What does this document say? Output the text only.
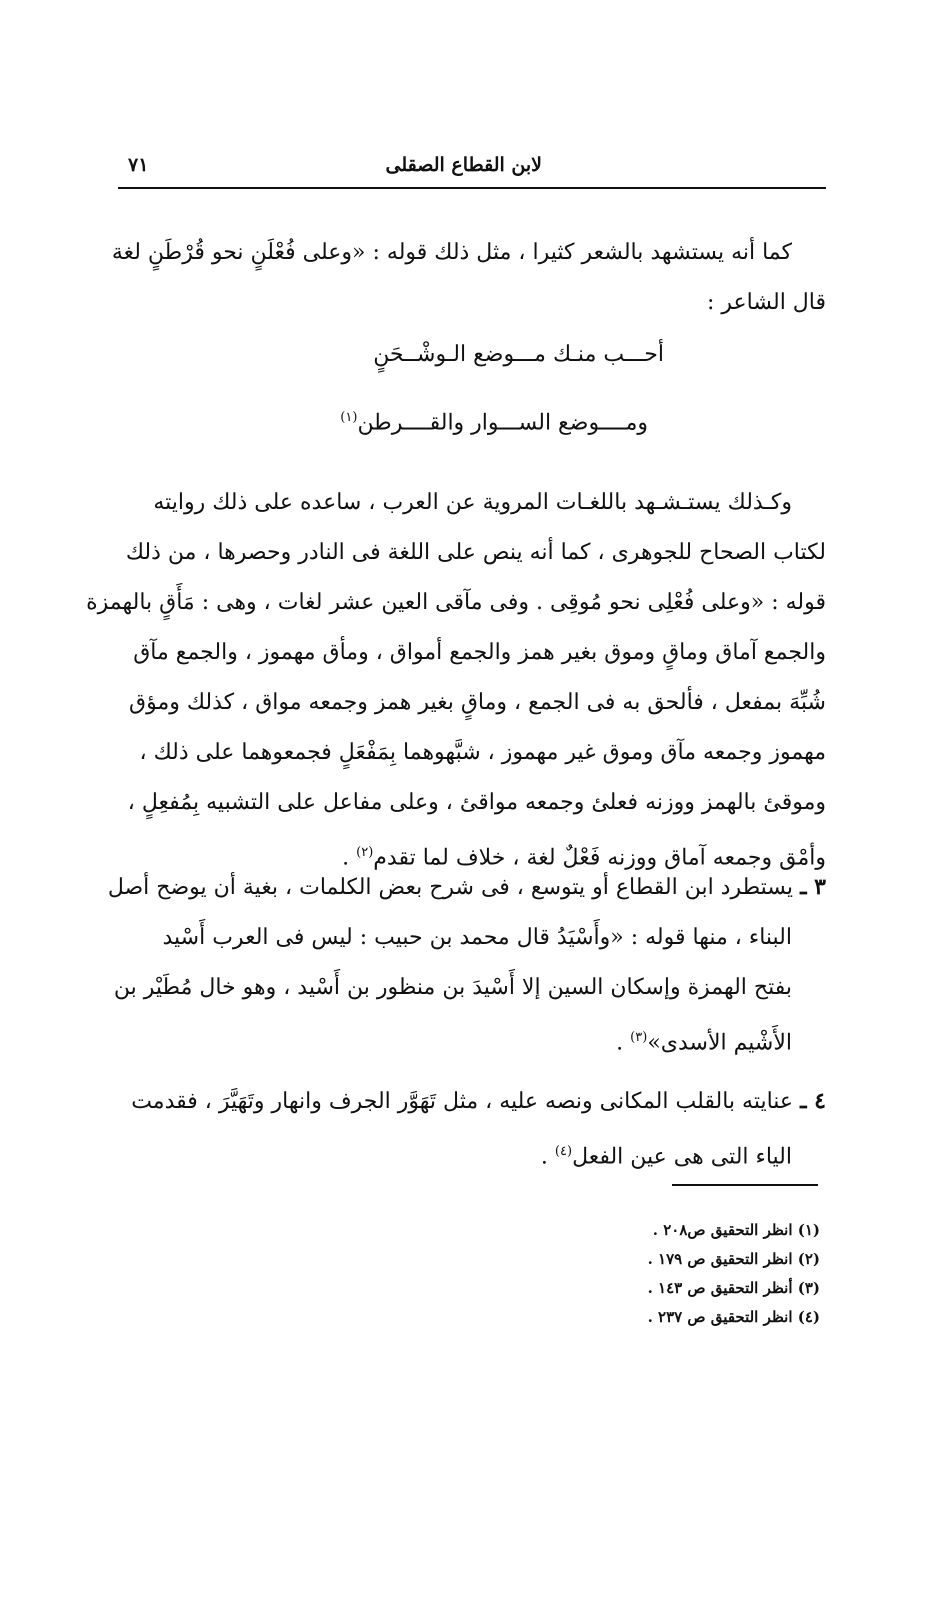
لابن القطاع الصقلى
٧١

كما أنه يستشهد بالشعر كثيرا ، مثل ذلك قوله : «وعلى فُعْلَنٍ نحو قُرْطَنٍ لغة
قال الشاعر :

أحـــب منـك مـــوضع الـوشْــحَنٍ
ومــــوضع الســـوار والقــــرطن$^{(١)}$

وكـذلك يستـشـهد باللغـات المروية عن العرب ، ساعده على ذلك روايته
لكتاب الصحاح للجوهرى ، كما أنه ينص على اللغة فى النادر وحصرها ، من ذلك
قوله : «وعلى فُعْلِى نحو مُوقِى . وفى مآقى العين عشر لغات ، وهى : مَأَقٍ بالهمزة
والجمع آماق وماقٍ وموق بغير همز والجمع أمواق ، ومأق مهموز ، والجمع مآق
شُبِّهَ بمفعل ، فألحق به فى الجمع ، وماقٍ بغير همز وجمعه مواق ، كذلك ومؤق
مهموز وجمعه مآق وموق غير مهموز ، شبَّهوهما بِمَفْعَلٍ فجمعوهما على ذلك ،
وموقئ بالهمز ووزنه فعلئ وجمعه مواقئ ، وعلى مفاعل على التشبيه بِمُفعِلٍ ،
وأمْق وجمعه آماق ووزنه فَعْلٌ لغة ، خلاف لما تقدم$^{(٢)}$ .

٣ ـ يستطرد ابن القطاع أو يتوسع ، فى شرح بعض الكلمات ، بغية أن يوضح أصل
البناء ، منها قوله : «وأَسْيَدُ قال محمد بن حبيب : ليس فى العرب أَسْيد
بفتح الهمزة وإسكان السين إلا أَسْيدَ بن منظور بن أَسْيد ، وهو خال مُطَيْر بن
الأَشْيم الأسدى»$^{(٣)}$ .

٤ ـ عنايته بالقلب المكانى ونصه عليه ، مثل تَهَوَّر الجرف وانهار وتَهَيَّرَ ، فقدمت
الياء التى هى عين الفعل$^{(٤)}$ .

(١) انظر التحقيق ص٢٠٨ .
(٢) انظر التحقيق ص ١٧٩ .
(٣) أنظر التحقيق ص ١٤٣ .
(٤) انظر التحقيق ص ٢٣٧ .
